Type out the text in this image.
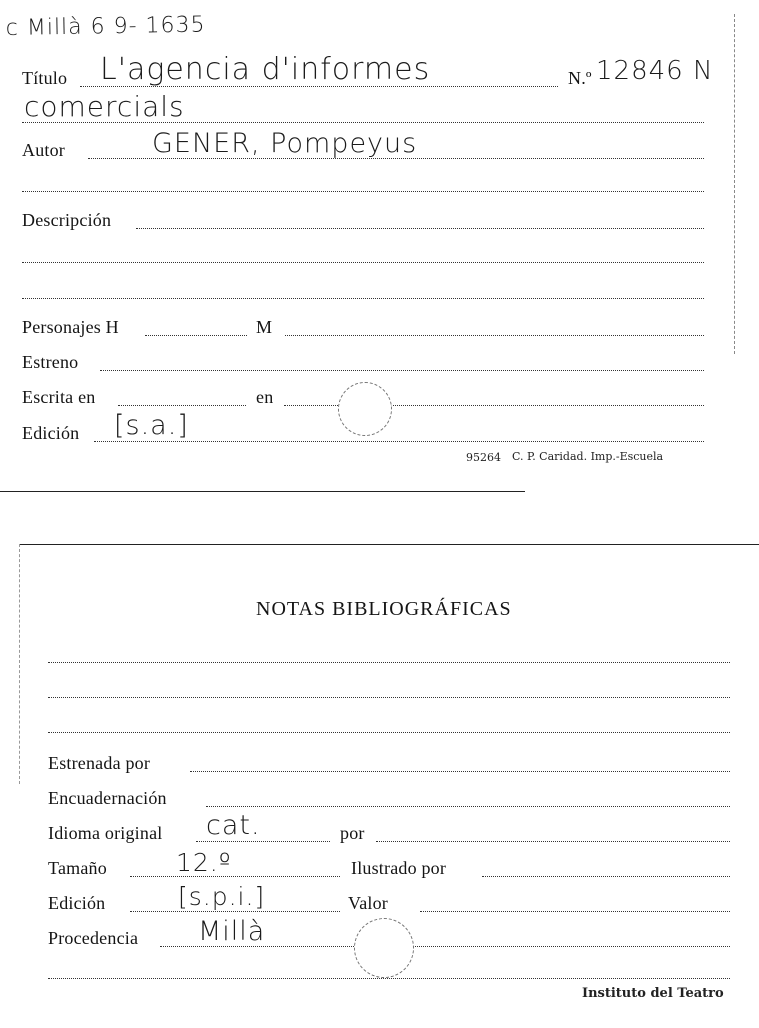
c Millà 6 9- 1635
Título L'agencia d'informes	N.º 12846 N
comercials
Autor	GENER, Pompeyus
Descripción
Personajes H	M
Estreno
Escrita en	en
Edición [s.a.]
95264 C. P. Caridad. Imp.-Escuela
NOTAS BIBLIOGRÁFICAS
Estrenada por
Encuadernación
Idioma original cat.	por
Tamaño	12.º	Ilustrado por
Edición	[s.p.i.]	Valor
Procedencia Millà
Instituto del Teatro
